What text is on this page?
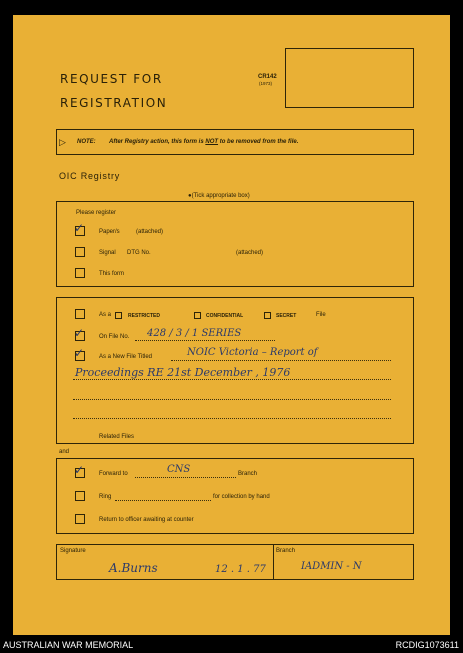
REQUEST FOR
REGISTRATION
CR142
(1973)
▷ NOTE: After Registry action, this form is NOT to be removed from the file.
OIC Registry
●(Tick appropriate box)
Please register
✓ Paper/s	(attached)
Signal DTG No.	(attached)
This form
As a	RESTRICTED	CONFIDENTIAL	SECRET	File
✓ On File No. 428 / 3 / 1 SERIES
✓ As a New File Titled	NOIC Victoria – Report of
Proceedings RE 21st December , 1976
Related Files
and
✓ Forward to	CNS	Branch
Ring	for collection by hand
Return to officer awaiting at counter
Signature
A.Burns	12 . 1 . 77
Branch
IADMIN - N
AUSTRALIAN WAR MEMORIAL	RCDIG1073611
